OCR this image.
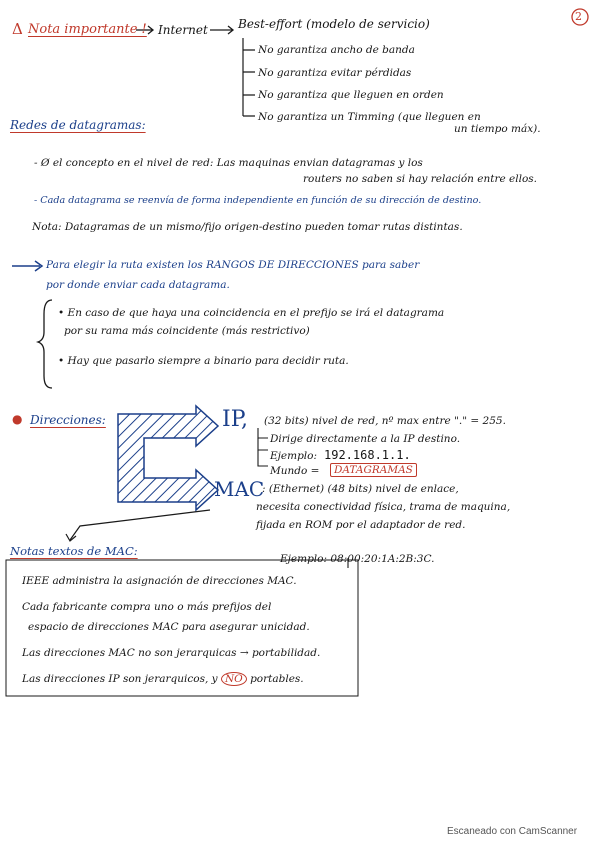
2
Δ Nota importante ! Internet	Best-effort (modelo de servicio)
No garantiza ancho de banda
No garantiza evitar pérdidas
No garantiza que lleguen en orden
No garantiza un Timming (que lleguen en
un tiempo máx).
Redes de datagramas:
- Ø el concepto en el nivel de red: Las maquinas envian datagramas y los
routers no saben si hay relación entre ellos.
- Cada datagrama se reenvía de forma independiente en función de su dirección de destino.
Nota: Datagramas de un mismo/fijo origen-destino pueden tomar rutas distintas.
Para elegir la ruta existen los RANGOS DE DIRECCIONES para saber
por donde enviar cada datagrama.
• En caso de que haya una coincidencia en el prefijo se irá el datagrama
por su rama más coincidente (más restrictivo)
• Hay que pasarlo siempre a binario para decidir ruta.
● Direcciones:	IP, (32 bits) nivel de red, nº max entre "." = 255.
Dirige directamente a la IP destino.
Ejemplo: 192.168.1.1.
Mundo =	DATAGRAMAS
MAC
: (Ethernet) (48 bits) nivel de enlace,
necesita conectividad física, trama de maquina,
fijada en ROM por el adaptador de red.
Ejemplo: 08:00:20:1A:2B:3C.
Notas textos de MAC:
IEEE administra la asignación de direcciones MAC.
Cada fabricante compra uno o más prefijos del
espacio de direcciones MAC para asegurar unicidad.
Las direcciones MAC no son jerarquicas → portabilidad.
Las direcciones IP son jerarquicos, y NO portables.
Escaneado con CamScanner
